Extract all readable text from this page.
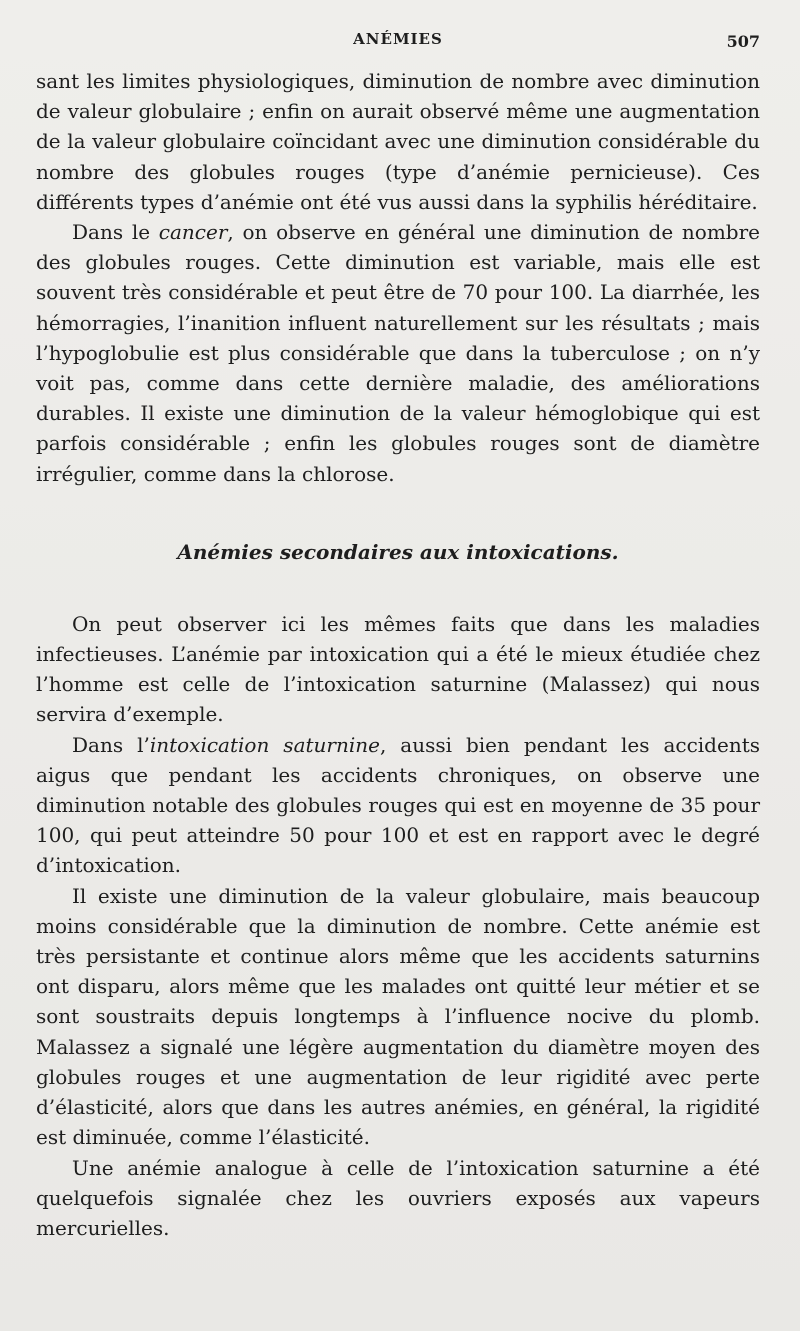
ANÉMIES	507

sant les limites physiologiques, diminution de nombre avec diminution de valeur globulaire ; enfin on aurait observé même une augmentation de la valeur globulaire coïncidant avec une diminution considérable du nombre des globules rouges (type d’anémie pernicieuse). Ces différents types d’anémie ont été vus aussi dans la syphilis héréditaire.

Dans le cancer, on observe en général une diminution de nombre des globules rouges. Cette diminution est variable, mais elle est souvent très considérable et peut être de 70 pour 100. La diarrhée, les hémorragies, l’inanition influent naturellement sur les résultats ; mais l’hypoglobulie est plus considérable que dans la tuberculose ; on n’y voit pas, comme dans cette dernière maladie, des améliorations durables. Il existe une diminution de la valeur hémoglobique qui est parfois considérable ; enfin les globules rouges sont de diamètre irrégulier, comme dans la chlorose.

Anémies secondaires aux intoxications.

On peut observer ici les mêmes faits que dans les maladies infectieuses. L’anémie par intoxication qui a été le mieux étudiée chez l’homme est celle de l’intoxication saturnine (Malassez) qui nous servira d’exemple.

Dans l’intoxication saturnine, aussi bien pendant les accidents aigus que pendant les accidents chroniques, on observe une diminution notable des globules rouges qui est en moyenne de 35 pour 100, qui peut atteindre 50 pour 100 et est en rapport avec le degré d’intoxication.

Il existe une diminution de la valeur globulaire, mais beaucoup moins considérable que la diminution de nombre. Cette anémie est très persistante et continue alors même que les accidents saturnins ont disparu, alors même que les malades ont quitté leur métier et se sont soustraits depuis longtemps à l’influence nocive du plomb. Malassez a signalé une légère augmentation du diamètre moyen des globules rouges et une augmentation de leur rigidité avec perte d’élasticité, alors que dans les autres anémies, en général, la rigidité est diminuée, comme l’élasticité.

Une anémie analogue à celle de l’intoxication saturnine a été quelquefois signalée chez les ouvriers exposés aux vapeurs mercurielles.
